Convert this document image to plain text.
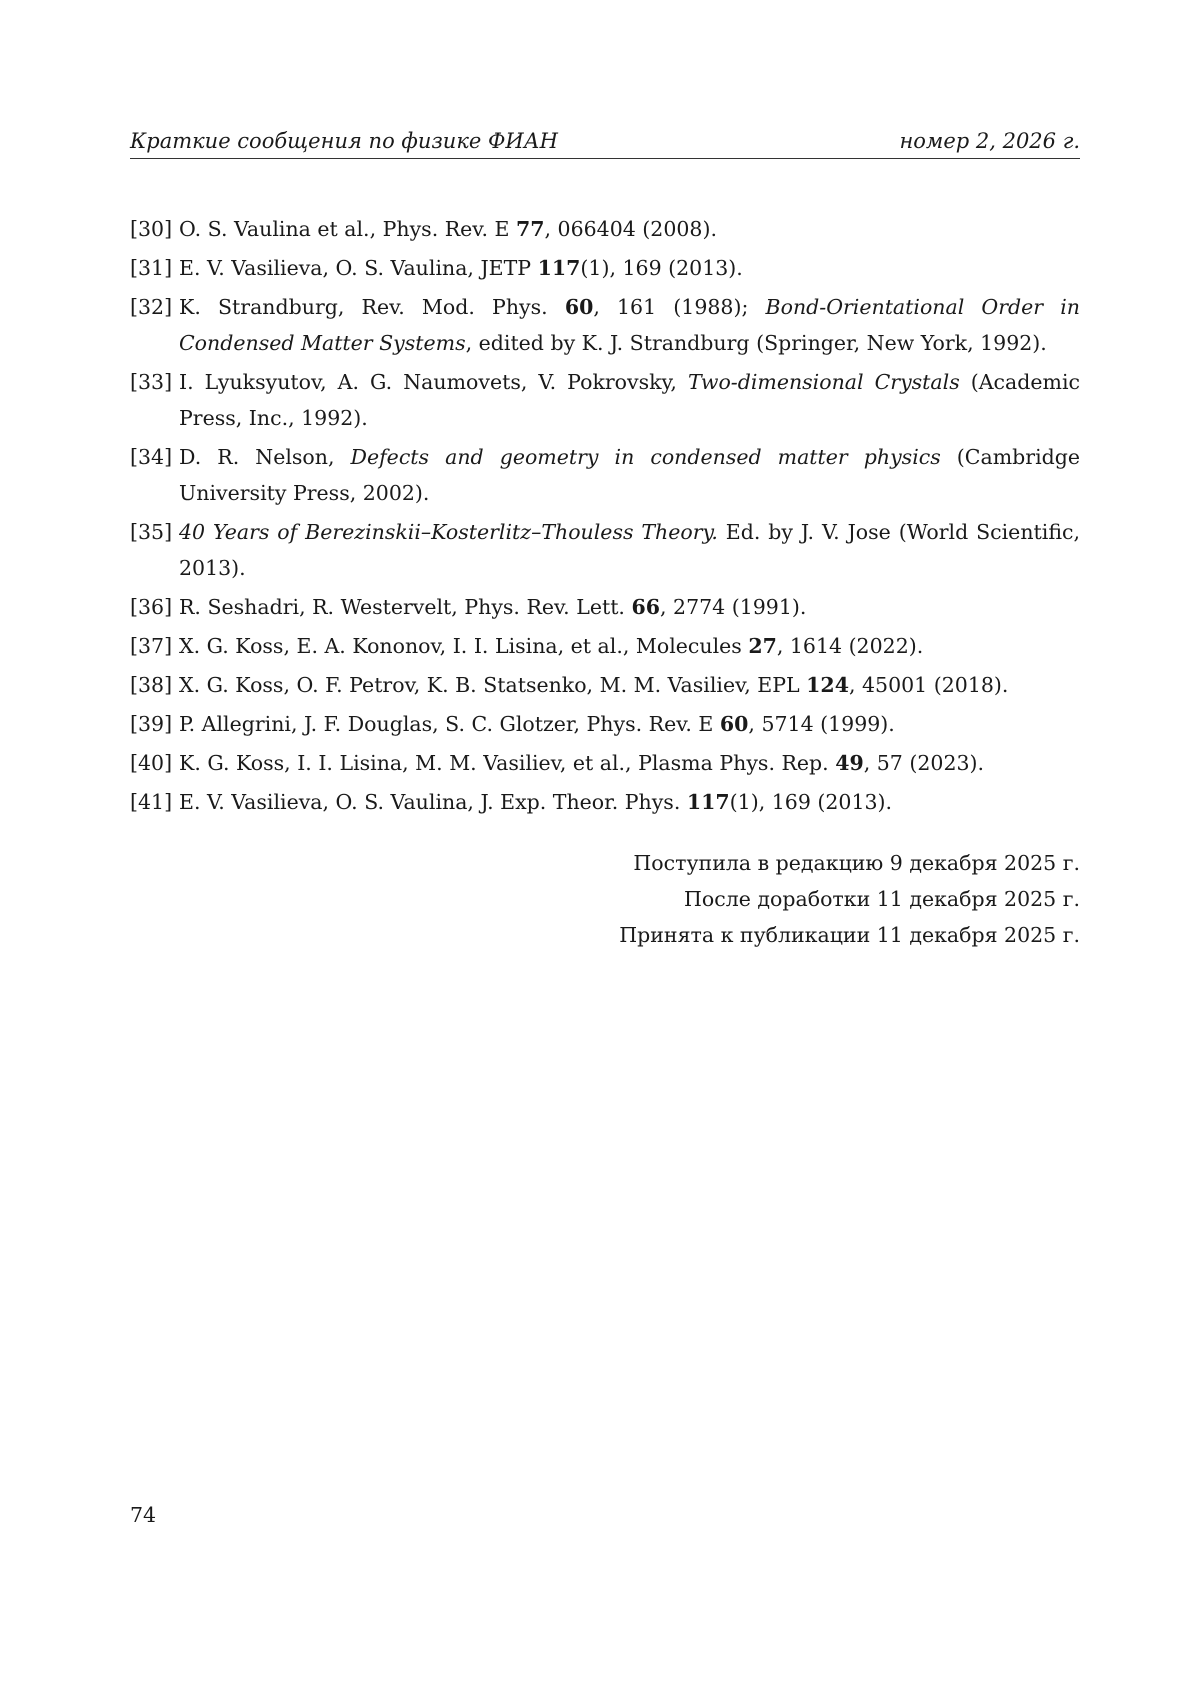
Краткие сообщения по физике ФИАН	номер 2, 2026 г.
[30] O. S. Vaulina et al., Phys. Rev. E 77, 066404 (2008).
[31] E. V. Vasilieva, O. S. Vaulina, JETP 117(1), 169 (2013).
[32] K. Strandburg, Rev. Mod. Phys. 60, 161 (1988); Bond-Orientational Order in Condensed Matter Systems, edited by K. J. Strandburg (Springer, New York, 1992).
[33] I. Lyuksyutov, A. G. Naumovets, V. Pokrovsky, Two-dimensional Crystals (Academic Press, Inc., 1992).
[34] D. R. Nelson, Defects and geometry in condensed matter physics (Cambridge University Press, 2002).
[35] 40 Years of Berezinskii–Kosterlitz–Thouless Theory. Ed. by J. V. Jose (World Scientific, 2013).
[36] R. Seshadri, R. Westervelt, Phys. Rev. Lett. 66, 2774 (1991).
[37] X. G. Koss, E. A. Kononov, I. I. Lisina, et al., Molecules 27, 1614 (2022).
[38] X. G. Koss, O. F. Petrov, K. B. Statsenko, M. M. Vasiliev, EPL 124, 45001 (2018).
[39] P. Allegrini, J. F. Douglas, S. C. Glotzer, Phys. Rev. E 60, 5714 (1999).
[40] K. G. Koss, I. I. Lisina, M. M. Vasiliev, et al., Plasma Phys. Rep. 49, 57 (2023).
[41] E. V. Vasilieva, O. S. Vaulina, J. Exp. Theor. Phys. 117(1), 169 (2013).
Поступила в редакцию 9 декабря 2025 г.
После доработки 11 декабря 2025 г.
Принята к публикации 11 декабря 2025 г.
74
